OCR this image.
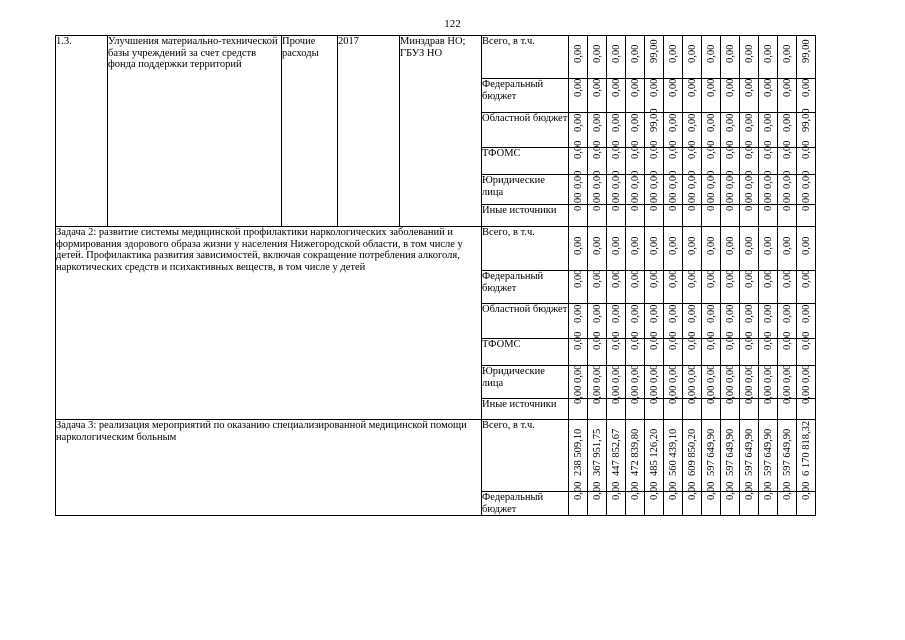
122
1.3.	Улучшения материально-технической базы учреждений за счет средств фонда поддержки территорий	Прочие расходы	2017	Минздрав НО; ГБУЗ НО	Всего, в т.ч.	0,00	0,00	0,00	0,00	99,00	0,00	0,00	0,00	0,00	0,00	0,00	0,00	99,00

					Федеральный бюджет	0,00	0,00	0,00	0,00	0,00	0,00	0,00	0,00	0,00	0,00	0,00	0,00	0,00

					Областной бюджет	0,00	0,00	0,00	0,00	99,00	0,00	0,00	0,00	0,00	0,00	0,00	0,00	99,00

					ТФОМС	0,00	0,00	0,00	0,00	0,00	0,00	0,00	0,00	0,00	0,00	0,00	0,00	0,00

					Юридические лица	0,00	0,00	0,00	0,00	0,00	0,00	0,00	0,00	0,00	0,00	0,00	0,00	0,00

					Иные источники	0,00	0,00	0,00	0,00	0,00	0,00	0,00	0,00	0,00	0,00	0,00	0,00	0,00

Задача 2: развитие системы медицинской профилактики наркологических заболеваний и формирования здорового образа жизни у населения Нижегородской области, в том числе у детей. Профилактика развития зависимостей, включая сокращение потребления алкоголя, наркотических средств и психактивных веществ, в том числе у детей					Всего, в т.ч.	0,00	0,00	0,00	0,00	0,00	0,00	0,00	0,00	0,00	0,00	0,00	0,00	0,00

					Федеральный бюджет	0,00	0,00	0,00	0,00	0,00	0,00	0,00	0,00	0,00	0,00	0,00	0,00	0,00

					Областной бюджет	0,00	0,00	0,00	0,00	0,00	0,00	0,00	0,00	0,00	0,00	0,00	0,00	0,00

					ТФОМС	0,00	0,00	0,00	0,00	0,00	0,00	0,00	0,00	0,00	0,00	0,00	0,00	0,00

					Юридические лица	0,00	0,00	0,00	0,00	0,00	0,00	0,00	0,00	0,00	0,00	0,00	0,00	0,00

					Иные источники	0,00	0,00	0,00	0,00	0,00	0,00	0,00	0,00	0,00	0,00	0,00	0,00	0,00

Задача 3: реализация мероприятий по оказанию специализированной медицинской помощи наркологическим больным					Всего, в т.ч.	238 509,10	367 951,75	447 852,67	472 839,80	485 126,20	560 439,10	609 850,20	597 649,90	597 649,90	597 649,90	597 649,90	597 649,90	6 170 818,32

					Федеральный бюджет	0,00	0,00	0,00	0,00	0,00	0,00	0,00	0,00	0,00	0,00	0,00	0,00	0,00
